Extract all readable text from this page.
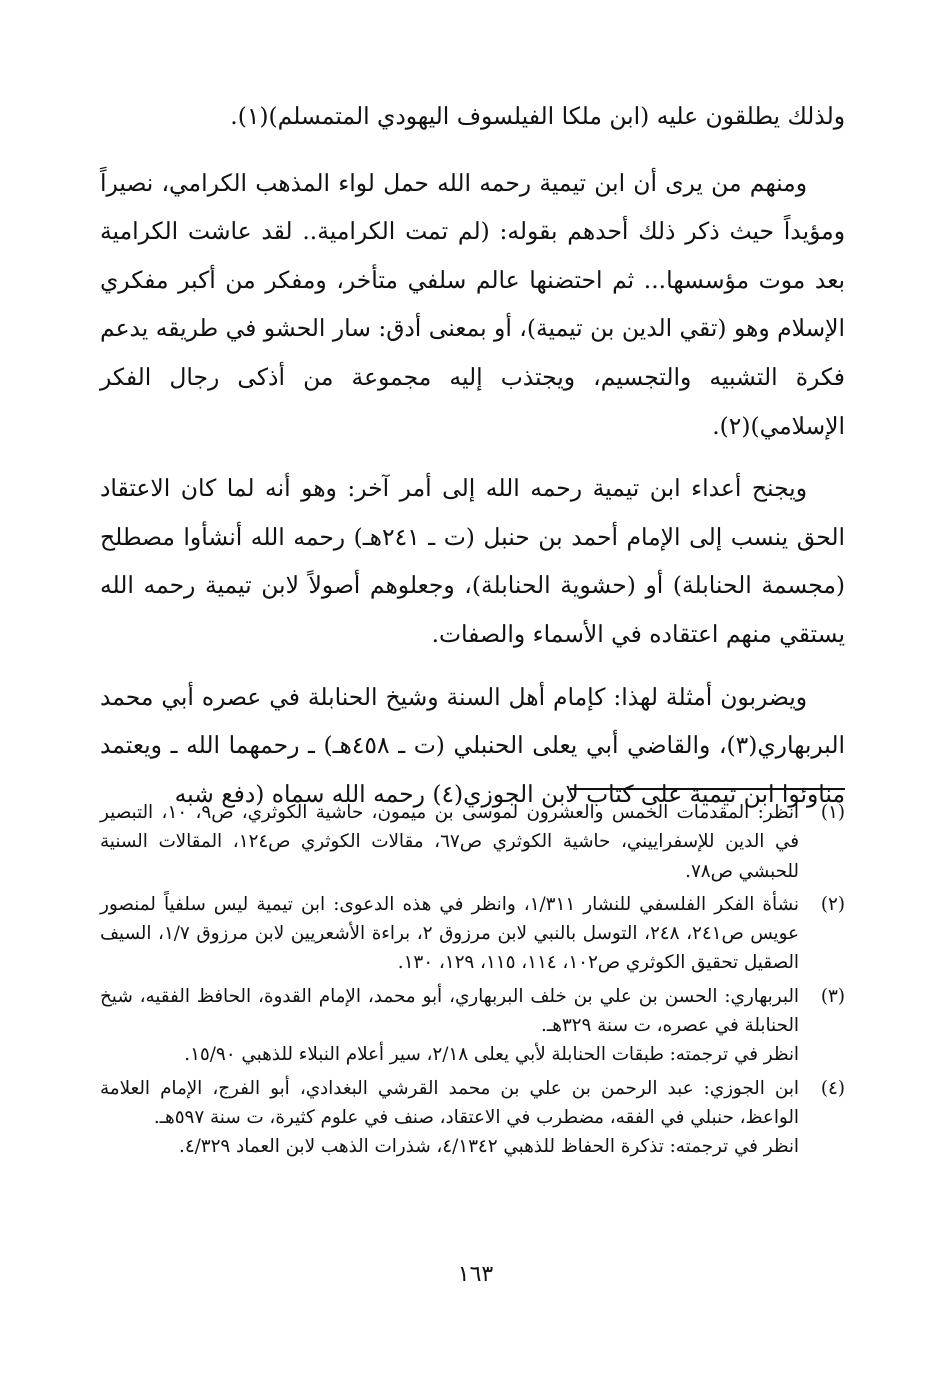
ولذلك يطلقون عليه (ابن ملكا الفيلسوف اليهودي المتمسلم)(١).

ومنهم من يرى أن ابن تيمية رحمه الله حمل لواء المذهب الكرامي، نصيراً ومؤيداً حيث ذكر ذلك أحدهم بقوله: (لم تمت الكرامية.. لقد عاشت الكرامية بعد موت مؤسسها... ثم احتضنها عالم سلفي متأخر، ومفكر من أكبر مفكري الإسلام وهو (تقي الدين بن تيمية)، أو بمعنى أدق: سار الحشو في طريقه يدعم فكرة التشبيه والتجسيم، ويجتذب إليه مجموعة من أذكى رجال الفكر الإسلامي)(٢).

ويجنح أعداء ابن تيمية رحمه الله إلى أمر آخر: وهو أنه لما كان الاعتقاد الحق ينسب إلى الإمام أحمد بن حنبل (ت ـ ٢٤١هـ) رحمه الله أنشأوا مصطلح (مجسمة الحنابلة) أو (حشوية الحنابلة)، وجعلوهم أصولاً لابن تيمية رحمه الله يستقي منهم اعتقاده في الأسماء والصفات.

ويضربون أمثلة لهذا: كإمام أهل السنة وشيخ الحنابلة في عصره أبي محمد البربهاري(٣)، والقاضي أبي يعلى الحنبلي (ت ـ ٤٥٨هـ) ـ رحمهما الله ـ ويعتمد مناوئوا ابن تيمية على كتاب لابن الجوزي(٤) رحمه الله سماه (دفع شبه

(١)

انظر: المقدمات الخمس والعشرون لموسى بن ميمون، حاشية الكوثري، ص٩، ١٠، التبصير في الدين للإسفراييني، حاشية الكوثري ص٦٧، مقالات الكوثري ص١٢٤، المقالات السنية للحبشي ص٧٨.

(٢)

نشأة الفكر الفلسفي للنشار ١/٣١١، وانظر في هذه الدعوى: ابن تيمية ليس سلفياً لمنصور عويس ص٢٤١، ٢٤٨، التوسل بالنبي لابن مرزوق ٢، براءة الأشعريين لابن مرزوق ١/٧، السيف الصقيل تحقيق الكوثري ص١٠٢، ١١٤، ١١٥، ١٢٩، ١٣٠.

(٣)

البربهاري: الحسن بن علي بن خلف البربهاري، أبو محمد، الإمام القدوة، الحافظ الفقيه، شيخ الحنابلة في عصره، ت سنة ٣٢٩هـ.

انظر في ترجمته: طبقات الحنابلة لأبي يعلى ٢/١٨، سير أعلام النبلاء للذهبي ١٥/٩٠.

(٤)

ابن الجوزي: عبد الرحمن بن علي بن محمد القرشي البغدادي، أبو الفرج، الإمام العلامة الواعظ، حنبلي في الفقه، مضطرب في الاعتقاد، صنف في علوم كثيرة، ت سنة ٥٩٧هـ.

انظر في ترجمته: تذكرة الحفاظ للذهبي ٤/١٣٤٢، شذرات الذهب لابن العماد ٤/٣٢٩.

١٦٣
